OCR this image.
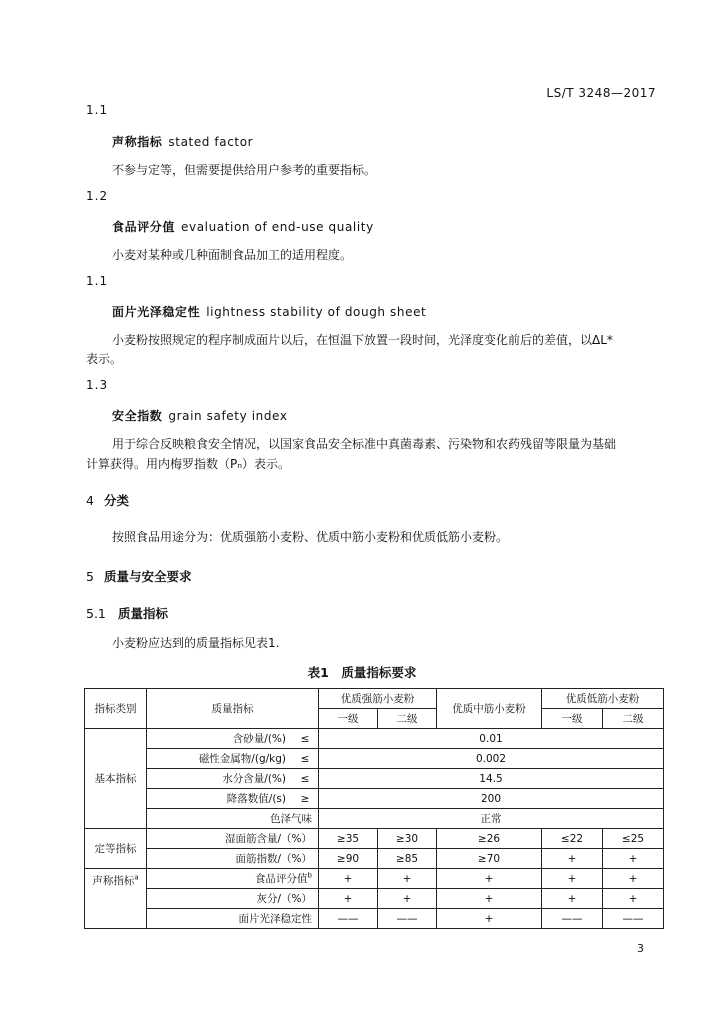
LS/T 3248—2017
1.1
声称指标 stated factor
不参与定等，但需要提供给用户参考的重要指标。
1.2
食品评分值 evaluation of end-use quality
小麦对某种或几种面制食品加工的适用程度。
1.1
面片光泽稳定性 lightness stability of dough sheet
小麦粉按照规定的程序制成面片以后，在恒温下放置一段时间，光泽度变化前后的差值，以ΔL*
表示。
1.3
安全指数 grain safety index
用于综合反映粮食安全情况，以国家食品安全标准中真菌毒素、污染物和农药残留等限量为基础
计算获得。用内梅罗指数（Pₙ）表示。
4 分类
按照食品用途分为：优质强筋小麦粉、优质中筋小麦粉和优质低筋小麦粉。
5 质量与安全要求
5.1 质量指标
小麦粉应达到的质量指标见表1.
表1　质量指标要求
指标类别	质量指标	优质强筋小麦粉		优质中筋小麦粉	优质低筋小麦粉	
		一级	二级		一级	二级
基本指标	含砂量/(%) ≤	0.01				
	磁性金属物/(g/kg) ≤	0.002				
	水分含量/(%) ≤	14.5				
	降落数值/(s) ≥	200				
	色泽气味	正常				
定等指标	湿面筋含量/（%）	≥35	≥30	≥26	≤22	≤25
	面筋指数/（%）	≥90	≥85	≥70	+	+
声称指标$^a$	食品评分值$^b$	+	+	+	+	+
	灰分/（%）	+	+	+	+	+
	面片光泽稳定性	——	——	+	——	——
3
